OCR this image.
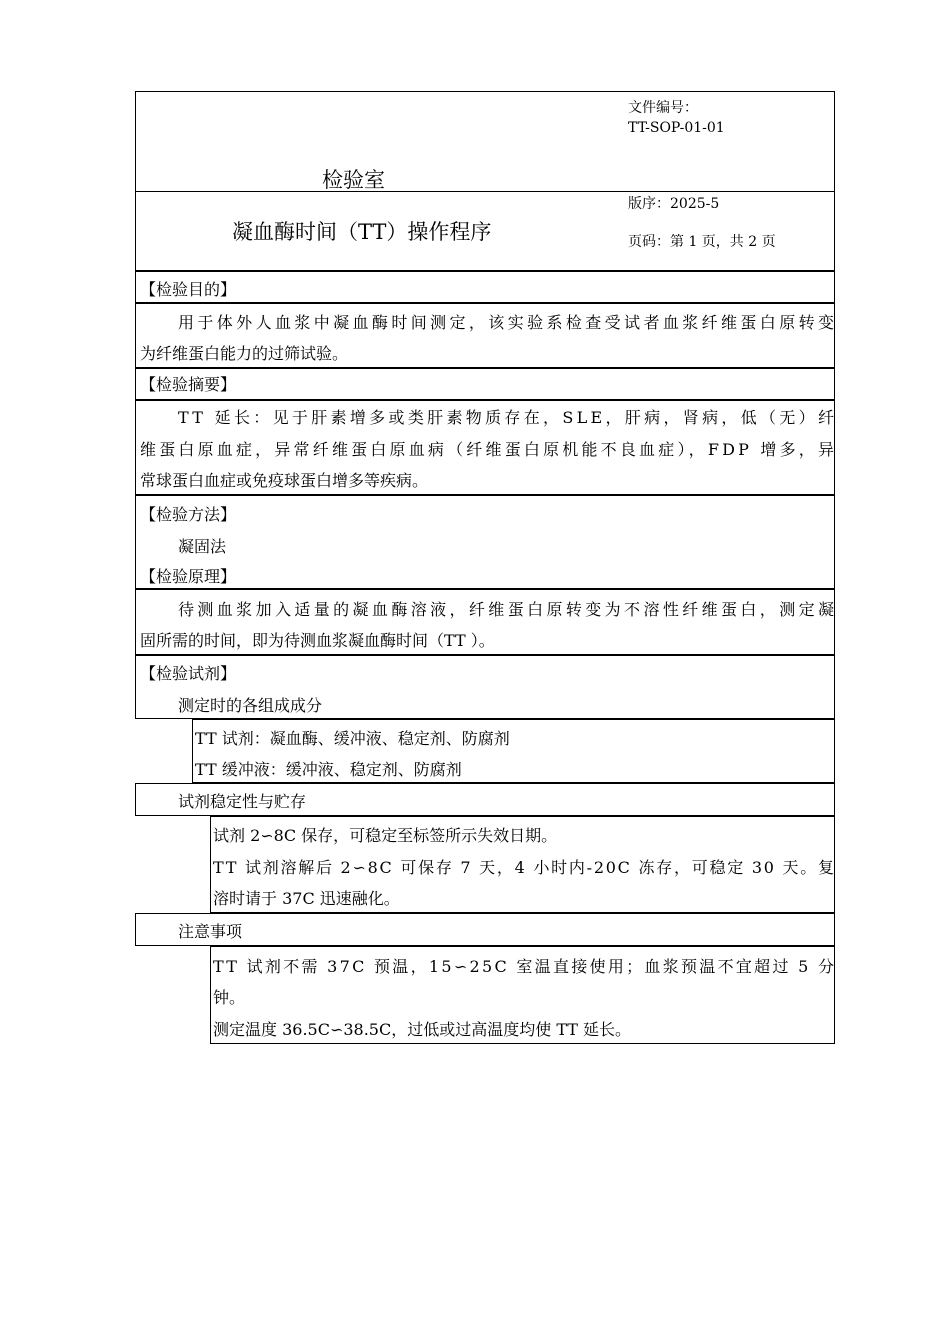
文件编号：
TT-SOP-01-01
检验室
版序：2025-5
凝血酶时间（TT）操作程序	页码：第 1 页，共 2 页
【检验目的】
用于体外人血浆中凝血酶时间测定，该实验系检查受试者血浆纤维蛋白原转变
为纤维蛋白能力的过筛试验。
【检验摘要】
TT 延长：见于肝素增多或类肝素物质存在，SLE，肝病，肾病，低（无）纤
维蛋白原血症，异常纤维蛋白原血病（纤维蛋白原机能不良血症），FDP 增多，异
常球蛋白血症或免疫球蛋白增多等疾病。
【检验方法】
凝固法
【检验原理】
待测血浆加入适量的凝血酶溶液，纤维蛋白原转变为不溶性纤维蛋白，测定凝
固所需的时间，即为待测血浆凝血酶时间（TT ）。
【检验试剂】
测定时的各组成成分
TT 试剂：凝血酶、缓冲液、稳定剂、防腐剂
TT 缓冲液：缓冲液、稳定剂、防腐剂
试剂稳定性与贮存
试剂 2∽8C 保存，可稳定至标签所示失效日期。
TT 试剂溶解后 2∽8C 可保存 7 天，4 小时内-20C 冻存，可稳定 30 天。复
溶时请于 37C 迅速融化。
注意事项
TT 试剂不需 37C 预温，15∽25C 室温直接使用；血浆预温不宜超过 5 分
钟。
测定温度 36.5C∽38.5C，过低或过高温度均使 TT 延长。
